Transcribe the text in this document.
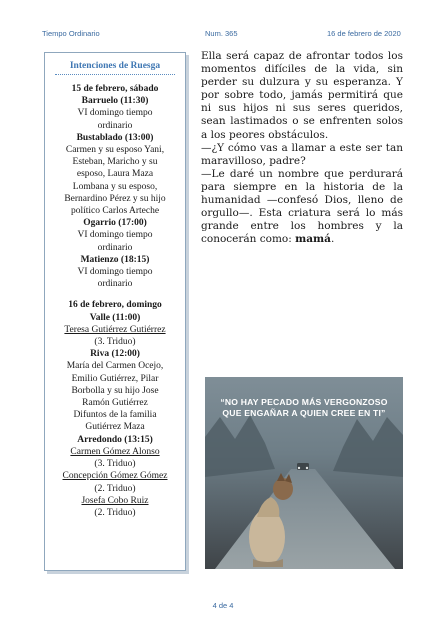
Tiempo Ordinario	Num. 365	16 de febrero de 2020
Intenciones de Ruesga
15 de febrero, sábado
Barruelo (11:30)
VI domingo tiempo
ordinario
Bustablado (13:00)
Carmen y su esposo Yani,
Esteban, Maricho y su
esposo, Laura Maza
Lombana y su esposo,
Bernardino Pérez y su hijo
político Carlos Arteche
Ogarrio (17:00)
VI domingo tiempo
ordinario
Matienzo (18:15)
VI domingo tiempo
ordinario
16 de febrero, domingo
Valle (11:00)
Teresa Gutiérrez Gutiérrez
(3. Triduo)
Riva (12:00)
María del Carmen Ocejo,
Emilio Gutiérrez, Pilar
Borbolla y su hijo Jose
Ramón Gutiérrez
Difuntos de la familia
Gutiérrez Maza
Arredondo (13:15)
Carmen Gómez Alonso
(3. Triduo)
Concepción Gómez Gómez
(2. Triduo)
Josefa Cobo Ruiz
(2. Triduo)

Ella será capaz de afrontar todos los momentos difíciles de la vida, sin perder su dulzura y su esperanza. Y por sobre todo, jamás permitirá que ni sus hijos ni sus seres queridos, sean lastimados o se enfrenten solos a los peores obstáculos.

—¿Y cómo vas a llamar a este ser tan maravilloso, padre?

—Le daré un nombre que perdurará para siempre en la historia de la humanidad —confesó Dios, lleno de orgullo—. Esta criatura será lo más grande entre los hombres y la conocerán como: mamá.

“NO HAY PECADO MÁS VERGONZOSO QUE ENGAÑAR A QUIEN CREE EN TI”
4 de 4
